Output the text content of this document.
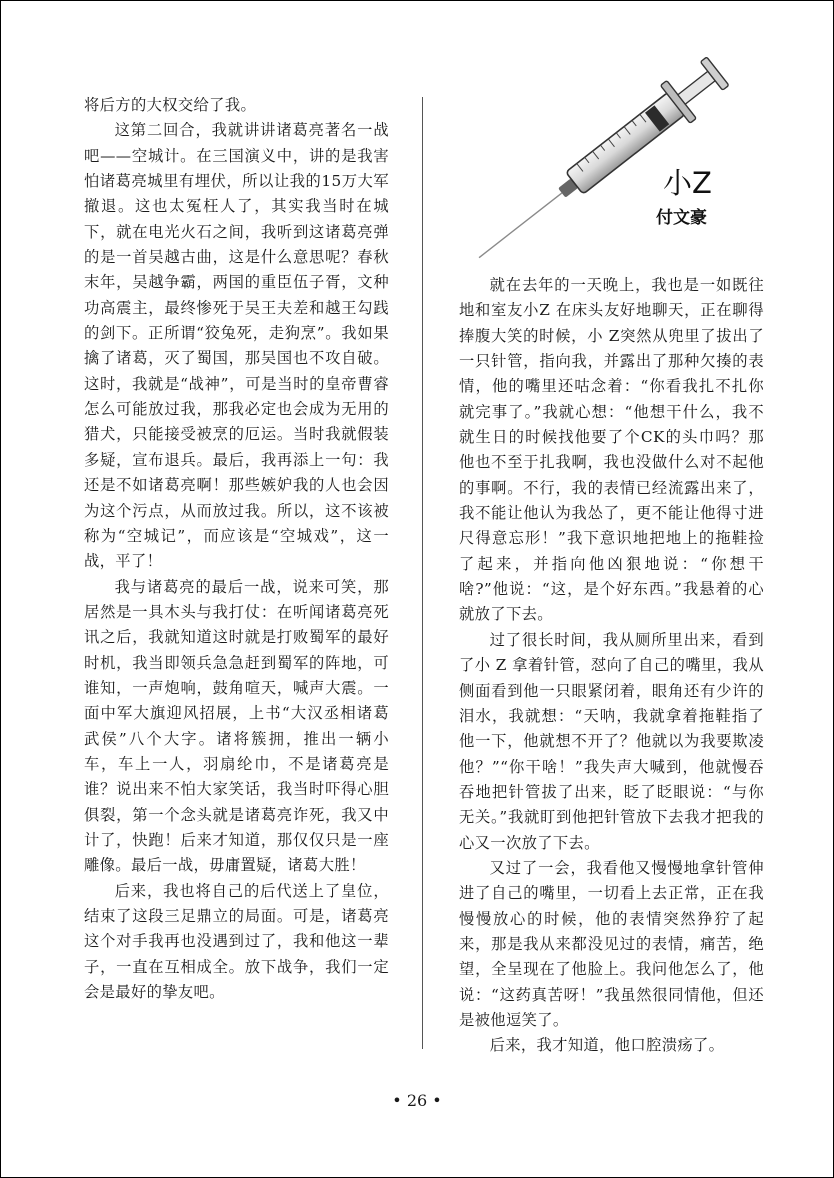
将后方的大权交给了我。

这第二回合，我就讲讲诸葛亮著名一战吧——空城计。在三国演义中，讲的是我害怕诸葛亮城里有埋伏，所以让我的15万大军撤退。这也太冤枉人了，其实我当时在城下，就在电光火石之间，我听到这诸葛亮弹的是一首吴越古曲，这是什么意思呢？春秋末年，吴越争霸，两国的重臣伍子胥，文种功高震主，最终惨死于吴王夫差和越王勾践的剑下。正所谓“狡兔死，走狗烹”。我如果擒了诸葛，灭了蜀国，那吴国也不攻自破。这时，我就是“战神”，可是当时的皇帝曹睿怎么可能放过我，那我必定也会成为无用的猎犬，只能接受被烹的厄运。当时我就假装多疑，宣布退兵。最后，我再添上一句：我还是不如诸葛亮啊！那些嫉妒我的人也会因为这个污点，从而放过我。所以，这不该被称为“空城记”，而应该是“空城戏”，这一战，平了！

我与诸葛亮的最后一战，说来可笑，那居然是一具木头与我打仗：在听闻诸葛亮死讯之后，我就知道这时就是打败蜀军的最好时机，我当即领兵急急赶到蜀军的阵地，可谁知，一声炮响，鼓角喧天，喊声大震。一面中军大旗迎风招展，上书“大汉丞相诸葛武侯”八个大字。诸将簇拥，推出一辆小车，车上一人，羽扇纶巾，不是诸葛亮是谁？说出来不怕大家笑话，我当时吓得心胆俱裂，第一个念头就是诸葛亮诈死，我又中计了，快跑！后来才知道，那仅仅只是一座雕像。最后一战，毋庸置疑，诸葛大胜！

后来，我也将自己的后代送上了皇位，结束了这段三足鼎立的局面。可是，诸葛亮这个对手我再也没遇到过了，我和他这一辈子，一直在互相成全。放下战争，我们一定会是最好的挚友吧。

小Z
付文豪

就在去年的一天晚上，我也是一如既往地和室友小Z 在床头友好地聊天，正在聊得捧腹大笑的时候，小 Z突然从兜里了拔出了一只针管，指向我，并露出了那种欠揍的表情，他的嘴里还咕念着：“你看我扎不扎你就完事了。”我就心想：“他想干什么，我不就生日的时候找他要了个CK的头巾吗？那他也不至于扎我啊，我也没做什么对不起他的事啊。不行，我的表情已经流露出来了，我不能让他认为我怂了，更不能让他得寸进尺得意忘形！”我下意识地把地上的拖鞋捡了起来，并指向他凶狠地说：“你想干啥?”他说：“这，是个好东西。”我悬着的心就放了下去。

过了很长时间，我从厕所里出来，看到了小 Z 拿着针管，怼向了自己的嘴里，我从侧面看到他一只眼紧闭着，眼角还有少许的泪水，我就想：“天呐，我就拿着拖鞋指了他一下，他就想不开了？他就以为我要欺凌他？”“你干啥！”我失声大喊到，他就慢吞吞地把针管拔了出来，眨了眨眼说：“与你无关。”我就盯到他把针管放下去我才把我的心又一次放了下去。

又过了一会，我看他又慢慢地拿针管伸进了自己的嘴里，一切看上去正常，正在我慢慢放心的时候，他的表情突然狰狞了起来，那是我从来都没见过的表情，痛苦，绝望，全呈现在了他脸上。我问他怎么了，他说：“这药真苦呀！”我虽然很同情他，但还是被他逗笑了。

后来，我才知道，他口腔溃疡了。

• 26 •
